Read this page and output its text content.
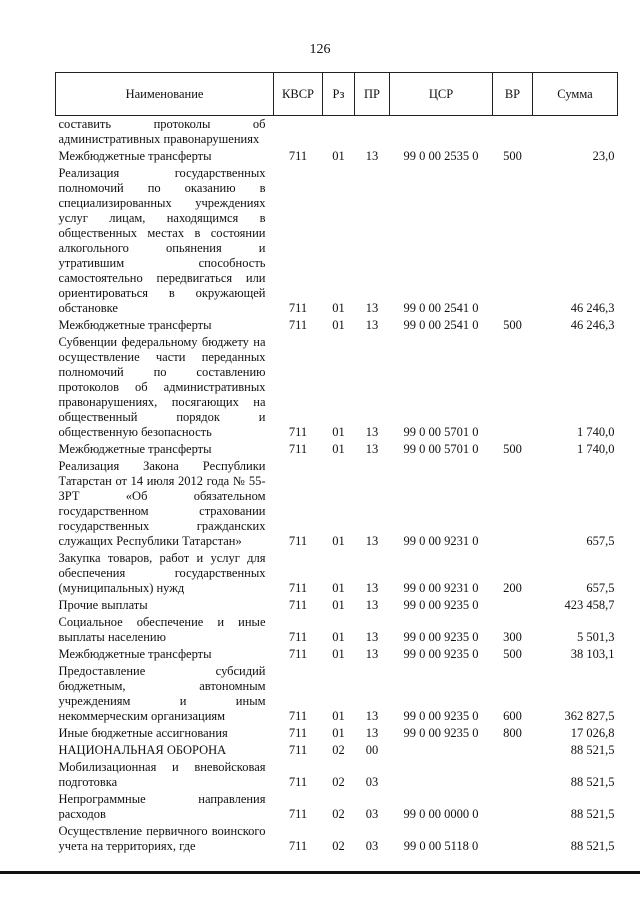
126
Наименование	КВСР	Рз	ПР	ЦСР	ВР	Сумма
составить протоколы об административных правонарушениях						
Межбюджетные трансферты	711	01	13	99 0 00 2535 0	500	23,0
Реализация государственных полномочий по оказанию в специализированных учреждениях услуг лицам, находящимся в общественных местах в состоянии алкогольного опьянения и утратившим способность самостоятельно передвигаться или ориентироваться в окружающей обстановке	711	01	13	99 0 00 2541 0		46 246,3
Межбюджетные трансферты	711	01	13	99 0 00 2541 0	500	46 246,3
Субвенции федеральному бюджету на осуществление части переданных полномочий по составлению протоколов об административных правонарушениях, посягающих на общественный порядок и общественную безопасность	711	01	13	99 0 00 5701 0		1 740,0
Межбюджетные трансферты	711	01	13	99 0 00 5701 0	500	1 740,0
Реализация Закона Республики Татарстан от 14 июля 2012 года № 55-ЗРТ «Об обязательном государственном страховании государственных гражданских служащих Республики Татарстан»	711	01	13	99 0 00 9231 0		657,5
Закупка товаров, работ и услуг для обеспечения государственных (муниципальных) нужд	711	01	13	99 0 00 9231 0	200	657,5
Прочие выплаты	711	01	13	99 0 00 9235 0		423 458,7
Социальное обеспечение и иные выплаты населению	711	01	13	99 0 00 9235 0	300	5 501,3
Межбюджетные трансферты	711	01	13	99 0 00 9235 0	500	38 103,1
Предоставление субсидий бюджетным, автономным учреждениям и иным некоммерческим организациям	711	01	13	99 0 00 9235 0	600	362 827,5
Иные бюджетные ассигнования	711	01	13	99 0 00 9235 0	800	17 026,8
НАЦИОНАЛЬНАЯ ОБОРОНА	711	02	00			88 521,5
Мобилизационная и вневойсковая подготовка	711	02	03			88 521,5
Непрограммные направления расходов	711	02	03	99 0 00 0000 0		88 521,5
Осуществление первичного воинского учета на территориях, где	711	02	03	99 0 00 5118 0		88 521,5
